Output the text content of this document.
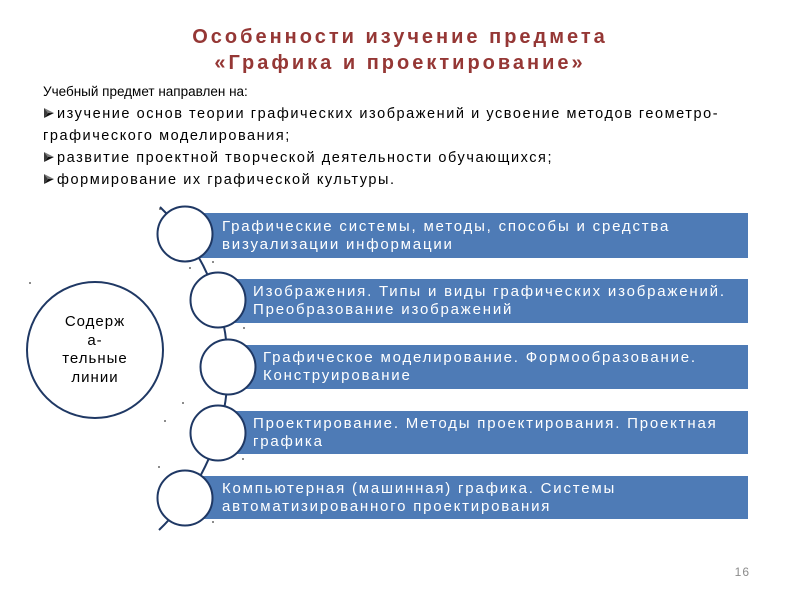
Особенности изучение предмета
«Графика и проектирование»
Учебный предмет направлен на:
изучение основ теории графических изображений и усвоение методов геометро-
графического моделирования;
развитие проектной творческой деятельности обучающихся;
формирование их графической культуры.
Графические системы, методы, способы и средства
визуализации информации
Изображения. Типы и виды графических изображений.
Преобразование изображений
Графическое моделирование. Формообразование.
Конструирование
Проектирование. Методы проектирования. Проектная
графика
Компьютерная (машинная) графика. Системы
автоматизированного проектирования
Содерж
а-
тельные
линии
16
